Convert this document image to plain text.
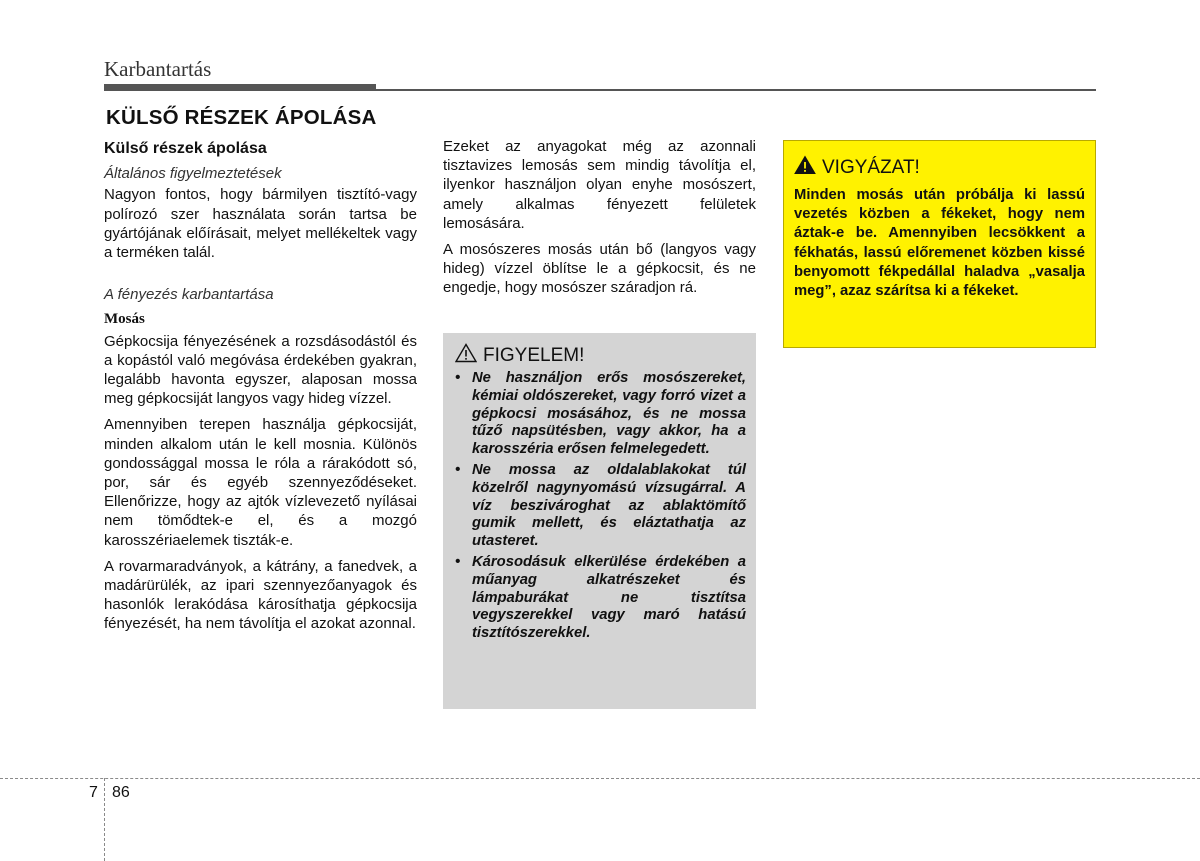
Karbantartás
KÜLSŐ RÉSZEK ÁPOLÁSA
Külső részek ápolása
Általános figyelmeztetések

Nagyon fontos, hogy bármilyen tisztító-vagy polírozó szer használata során tartsa be gyártójának előírásait, melyet mellékeltek vagy a terméken talál.

A fényezés karbantartása
Mosás

Gépkocsija fényezésének a rozsdásodástól és a kopástól való megóvása érdekében gyakran, legalább havonta egyszer, alaposan mossa meg gépkocsiját langyos vagy hideg vízzel.

Amennyiben terepen használja gépkocsiját, minden alkalom után le kell mosnia. Különös gondossággal mossa le róla a rárakódott só, por, sár és egyéb szennyeződéseket. Ellenőrizze, hogy az ajtók vízlevezető nyílásai nem tömődtek-e el, és a mozgó karosszériaelemek tiszták-e.

A rovarmaradványok, a kátrány, a fanedvek, a madárürülék, az ipari szennyezőanyagok és hasonlók lerakódása károsíthatja gépkocsija fényezését, ha nem távolítja el azokat azonnal.

Ezeket az anyagokat még az azonnali tisztavizes lemosás sem mindig távolítja el, ilyenkor használjon olyan enyhe mosószert, amely alkalmas fényezett felületek lemosására.

A mosószeres mosás után bő (langyos vagy hideg) vízzel öblítse le a gépkocsit, és ne engedje, hogy mosószer száradjon rá.

FIGYELEM!
• Ne használjon erős mosószereket, kémiai oldószereket, vagy forró vizet a gépkocsi mosásához, és ne mossa tűző napsütésben, vagy akkor, ha a karosszéria erősen felmelegedett.
• Ne mossa az oldalablakokat túl közelről nagynyomású vízsugárral. A víz beszivároghat az ablaktömítő gumik mellett, és eláztathatja az utasteret.
• Károsodásuk elkerülése érdekében a műanyag alkatrészeket és lámpaburákat ne tisztítsa vegyszerekkel vagy maró hatású tisztítószerekkel.
VIGYÁZAT!
Minden mosás után próbálja ki lassú vezetés közben a fékeket, hogy nem áztak-e be. Amennyiben lecsökkent a fékhatás, lassú előremenet közben kissé benyomott fékpedállal haladva „vasalja meg”, azaz szárítsa ki a fékeket.
7 86
